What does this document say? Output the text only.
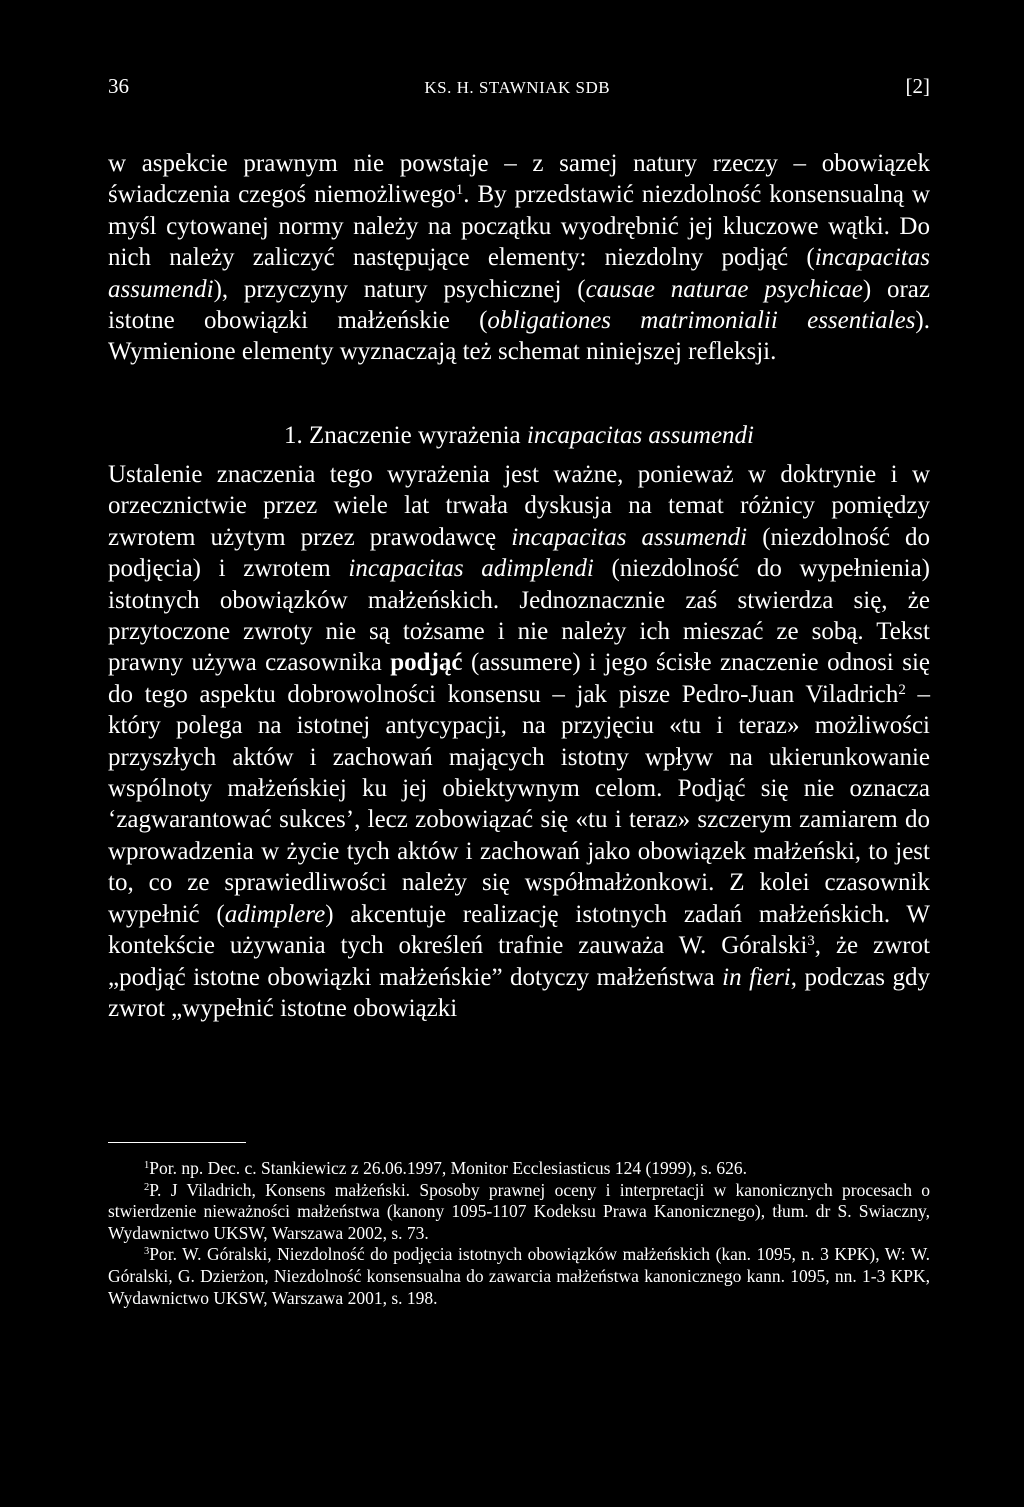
36	KS. H. STAWNIAK SDB	[2]

w aspekcie prawnym nie powstaje – z samej natury rzeczy – obowiązek świadczenia czegoś niemożliwego$^1$. By przedstawić niezdolność konsensualną w myśl cytowanej normy należy na początku wyodrębnić jej kluczowe wątki. Do nich należy zaliczyć następujące elementy: niezdolny podjąć (incapacitas assumendi), przyczyny natury psychicznej (causae naturae psychicae) oraz istotne obowiązki małżeńskie (obligationes matrimonialii essentiales). Wymienione elementy wyznaczają też schemat niniejszej refleksji.

1. Znaczenie wyrażenia incapacitas assumendi

Ustalenie znaczenia tego wyrażenia jest ważne, ponieważ w doktrynie i w orzecznictwie przez wiele lat trwała dyskusja na temat różnicy pomiędzy zwrotem użytym przez prawodawcę incapacitas assumendi (niezdolność do podjęcia) i zwrotem incapacitas adimplendi (niezdolność do wypełnienia) istotnych obowiązków małżeńskich. Jednoznacznie zaś stwierdza się, że przytoczone zwroty nie są tożsame i nie należy ich mieszać ze sobą. Tekst prawny używa czasownika podjąć (assumere) i jego ścisłe znaczenie odnosi się do tego aspektu dobrowolności konsensu – jak pisze Pedro-Juan Viladrich$^2$ – który polega na istotnej antycypacji, na przyjęciu «tu i teraz» możliwości przyszłych aktów i zachowań mających istotny wpływ na ukierunkowanie wspólnoty małżeńskiej ku jej obiektywnym celom. Podjąć się nie oznacza ‘zagwarantować sukces’, lecz zobowiązać się «tu i teraz» szczerym zamiarem do wprowadzenia w życie tych aktów i zachowań jako obowiązek małżeński, to jest to, co ze sprawiedliwości należy się współmałżonkowi. Z kolei czasownik wypełnić (adimplere) akcentuje realizację istotnych zadań małżeńskich. W kontekście używania tych określeń trafnie zauważa W. Góralski$^3$, że zwrot „podjąć istotne obowiązki małżeńskie” dotyczy małżeństwa in fieri, podczas gdy zwrot „wypełnić istotne obowiązki

$^1$Por. np. Dec. c. Stankiewicz z 26.06.1997, Monitor Ecclesiasticus 124 (1999), s. 626.

$^2$P. J Viladrich, Konsens małżeński. Sposoby prawnej oceny i interpretacji w kanonicznych procesach o stwierdzenie nieważności małżeństwa (kanony 1095-1107 Kodeksu Prawa Kanonicznego), tłum. dr S. Swiaczny, Wydawnictwo UKSW, Warszawa 2002, s. 73.

$^3$Por. W. Góralski, Niezdolność do podjęcia istotnych obowiązków małżeńskich (kan. 1095, n. 3 KPK), W: W. Góralski, G. Dzierżon, Niezdolność konsensualna do zawarcia małżeństwa kanonicznego kann. 1095, nn. 1-3 KPK, Wydawnictwo UKSW, Warszawa 2001, s. 198.
